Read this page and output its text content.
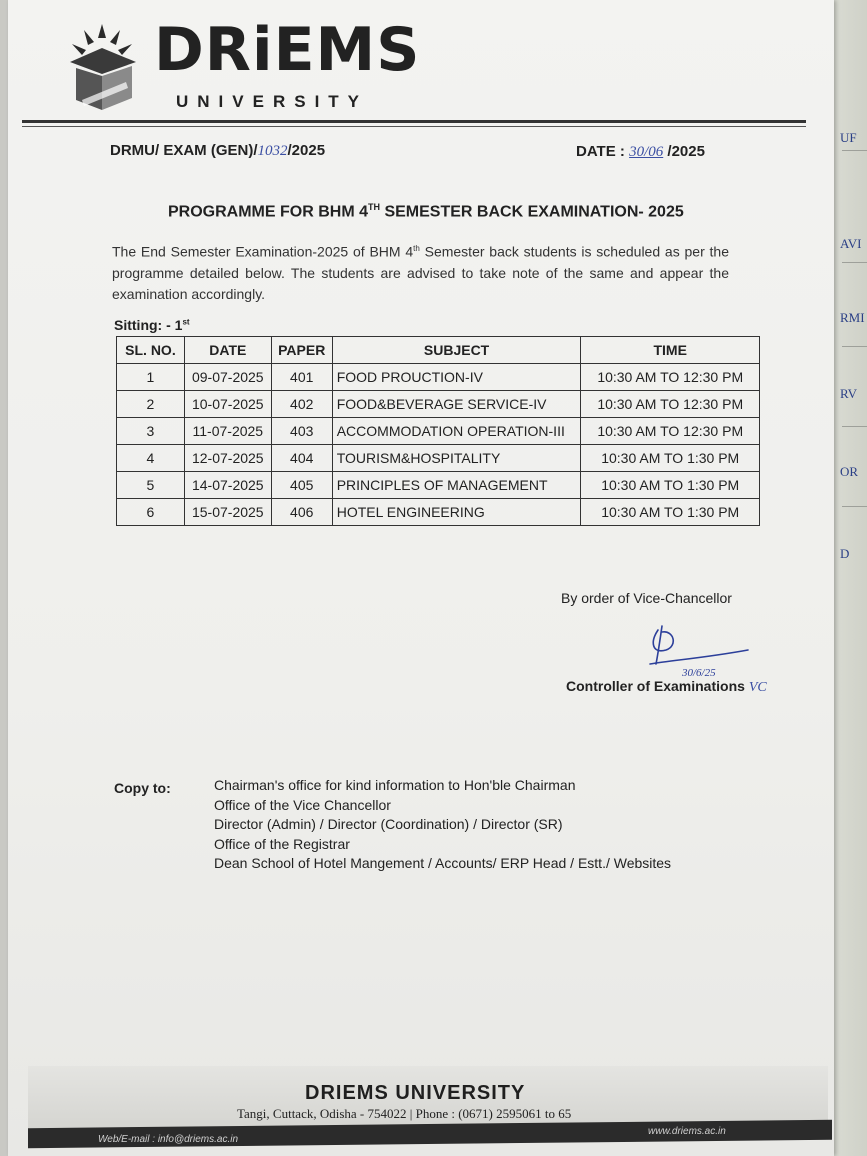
UF
AVI
RMI
RV
OR
D
DRiEMS
UNIVERSITY
DRMU/ EXAM (GEN)/1032/2025	DATE : 30/06 /2025
PROGRAMME FOR BHM 4TH SEMESTER BACK EXAMINATION- 2025
The End Semester Examination-2025 of BHM 4th Semester back students is scheduled as per the programme detailed below. The students are advised to take note of the same and appear the examination accordingly.
Sitting: - 1st
SL. NO.	DATE	PAPER	SUBJECT	TIME
1	09-07-2025	401	FOOD PROUCTION-IV	10:30 AM TO 12:30 PM
2	10-07-2025	402	FOOD&BEVERAGE SERVICE-IV	10:30 AM TO 12:30 PM
3	11-07-2025	403	ACCOMMODATION OPERATION-III	10:30 AM TO 12:30 PM
4	12-07-2025	404	TOURISM&HOSPITALITY	10:30 AM TO 1:30 PM
5	14-07-2025	405	PRINCIPLES OF MANAGEMENT	10:30 AM TO 1:30 PM
6	15-07-2025	406	HOTEL ENGINEERING	10:30 AM TO 1:30 PM
By order of Vice-Chancellor
30/6/25
Controller of Examinations VC
Copy to:	Chairman's office for kind information to Hon'ble Chairman
Office of the Vice Chancellor
Director (Admin) / Director (Coordination) / Director (SR)
Office of the Registrar
Dean School of Hotel Mangement / Accounts/ ERP Head / Estt./ Websites
DRIEMS UNIVERSITY
Tangi, Cuttack, Odisha - 754022 | Phone : (0671) 2595061 to 65
Web/E-mail : info@driems.ac.in
www.driems.ac.in
